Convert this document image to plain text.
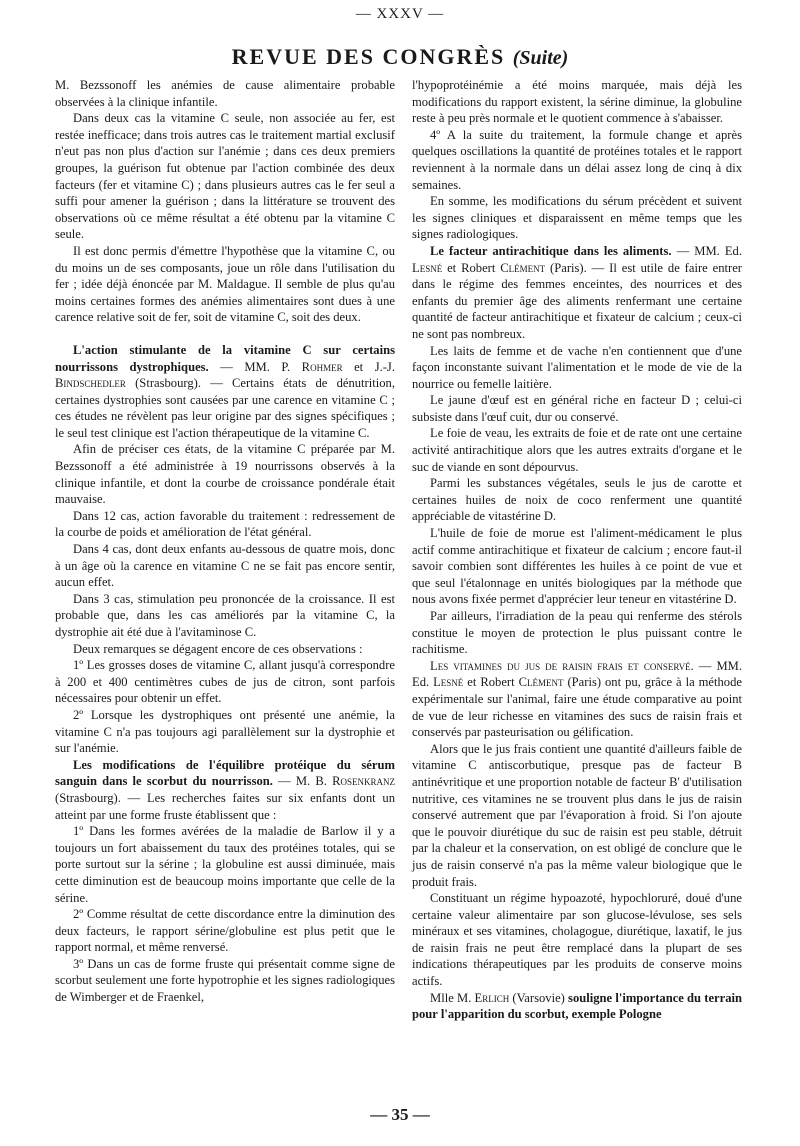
— XXXV —
REVUE DES CONGRÈS (Suite)

M. Bezssonoff les anémies de cause alimentaire probable observées à la clinique infantile.

Dans deux cas la vitamine C seule, non associée au fer, est restée inefficace; dans trois autres cas le traitement martial exclusif n'eut pas non plus d'action sur l'anémie ; dans ces deux premiers groupes, la guérison fut obtenue par l'action combinée des deux facteurs (fer et vitamine C) ; dans plusieurs autres cas le fer seul a suffi pour amener la guérison ; dans la littérature se trouvent des observations où ce même résultat a été obtenu par la vitamine C seule.

Il est donc permis d'émettre l'hypothèse que la vitamine C, ou du moins un de ses composants, joue un rôle dans l'utilisation du fer ; idée déjà énoncée par M. Maldague. Il semble de plus qu'au moins certaines formes des anémies alimentaires sont dues à une carence relative soit de fer, soit de vitamine C, soit des deux.

L'action stimulante de la vitamine C sur certains nourrissons dystrophiques. — MM. P. Rohmer et J.-J. Bindschedler (Strasbourg). — Certains états de dénutrition, certaines dystrophies sont causées par une carence en vitamine C ; ces études ne révèlent pas leur origine par des signes spécifiques ; le seul test clinique est l'action thérapeutique de la vitamine C.

Afin de préciser ces états, de la vitamine C préparée par M. Bezssonoff a été administrée à 19 nourrissons observés à la clinique infantile, et dont la courbe de croissance pondérale était mauvaise.

Dans 12 cas, action favorable du traitement : redressement de la courbe de poids et amélioration de l'état général.

Dans 4 cas, dont deux enfants au-dessous de quatre mois, donc à un âge où la carence en vitamine C ne se fait pas encore sentir, aucun effet.

Dans 3 cas, stimulation peu prononcée de la croissance. Il est probable que, dans les cas améliorés par la vitamine C, la dystrophie ait été due à l'avitaminose C.

Deux remarques se dégagent encore de ces observations :

1º Les grosses doses de vitamine C, allant jusqu'à correspondre à 200 et 400 centimètres cubes de jus de citron, sont parfois nécessaires pour obtenir un effet.

2º Lorsque les dystrophiques ont présenté une anémie, la vitamine C n'a pas toujours agi parallèlement sur la dystrophie et sur l'anémie.

Les modifications de l'équilibre protéique du sérum sanguin dans le scorbut du nourrisson. — M. B. Rosenkranz (Strasbourg). — Les recherches faites sur six enfants dont un atteint par une forme fruste établissent que :

1º Dans les formes avérées de la maladie de Barlow il y a toujours un fort abaissement du taux des protéines totales, qui se porte surtout sur la sérine ; la globuline est aussi diminuée, mais cette diminution est de beaucoup moins importante que celle de la sérine.

2º Comme résultat de cette discordance entre la diminution des deux facteurs, le rapport sérine/globuline est plus petit que le rapport normal, et même renversé.

3º Dans un cas de forme fruste qui présentait comme signe de scorbut seulement une forte hypotrophie et les signes radiologiques de Wimberger et de Fraenkel,

l'hypoprotéinémie a été moins marquée, mais déjà les modifications du rapport existent, la sérine diminue, la globuline reste à peu près normale et le quotient commence à s'abaisser.

4º A la suite du traitement, la formule change et après quelques oscillations la quantité de protéines totales et le rapport reviennent à la normale dans un délai assez long de cinq à dix semaines.

En somme, les modifications du sérum précèdent et suivent les signes cliniques et disparaissent en même temps que les signes radiologiques.

Le facteur antirachitique dans les aliments. — MM. Ed. Lesné et Robert Clément (Paris). — Il est utile de faire entrer dans le régime des femmes enceintes, des nourrices et des enfants du premier âge des aliments renfermant une certaine quantité de facteur antirachitique et fixateur de calcium ; ceux-ci ne sont pas nombreux.

Les laits de femme et de vache n'en contiennent que d'une façon inconstante suivant l'alimentation et le mode de vie de la nourrice ou femelle laitière.

Le jaune d'œuf est en général riche en facteur D ; celui-ci subsiste dans l'œuf cuit, dur ou conservé.

Le foie de veau, les extraits de foie et de rate ont une certaine activité antirachitique alors que les autres extraits d'organe et le suc de viande en sont dépourvus.

Parmi les substances végétales, seuls le jus de carotte et certaines huiles de noix de coco renferment une quantité appréciable de vitastérine D.

L'huile de foie de morue est l'aliment-médicament le plus actif comme antirachitique et fixateur de calcium ; encore faut-il savoir combien sont différentes les huiles à ce point de vue et que seul l'étalonnage en unités biologiques par la méthode que nous avons fixée permet d'apprécier leur teneur en vitastérine D.

Par ailleurs, l'irradiation de la peau qui renferme des stérols constitue le moyen de protection le plus puissant contre le rachitisme.

Les vitamines du jus de raisin frais et conservé. — MM. Ed. Lesné et Robert Clément (Paris) ont pu, grâce à la méthode expérimentale sur l'animal, faire une étude comparative au point de vue de leur richesse en vitamines des sucs de raisin frais et conservés par pasteurisation ou gélification.

Alors que le jus frais contient une quantité d'ailleurs faible de vitamine C antiscorbutique, presque pas de facteur B antinévritique et une proportion notable de facteur B' d'utilisation nutritive, ces vitamines ne se trouvent plus dans le jus de raisin conservé autrement que par l'évaporation à froid. Si l'on ajoute que le pouvoir diurétique du suc de raisin est peu stable, détruit par la chaleur et la conservation, on est obligé de conclure que le jus de raisin conservé n'a pas la même valeur biologique que le produit frais.

Constituant un régime hypoazoté, hypochloruré, doué d'une certaine valeur alimentaire par son glucose-lévulose, ses sels minéraux et ses vitamines, cholagogue, diurétique, laxatif, le jus de raisin frais ne peut être remplacé dans la plupart de ses indications thérapeutiques par les produits de conserve moins actifs.

Mlle M. Erlich (Varsovie) souligne l'importance du terrain pour l'apparition du scorbut, exemple Pologne

— 35 —
